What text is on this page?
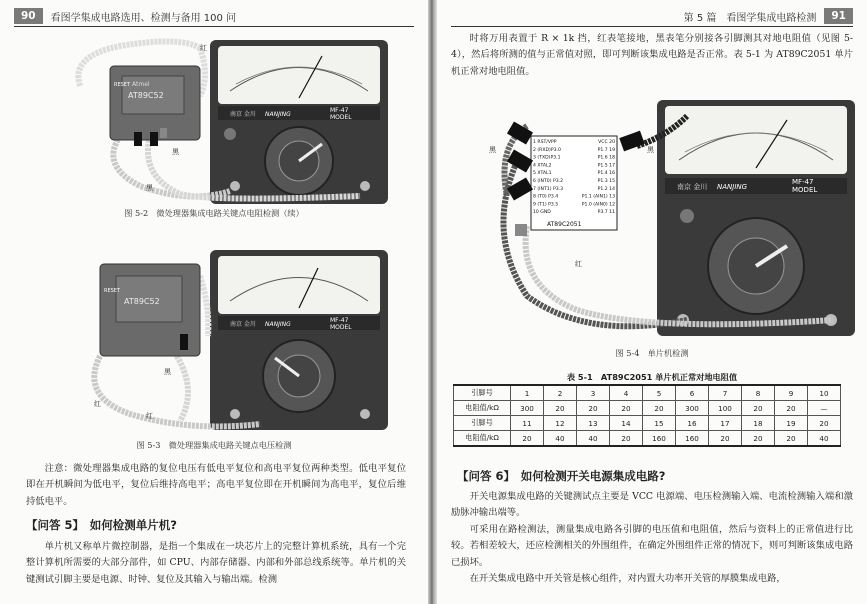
90	看图学集成电路选用、检测与备用 100 问
南京 金川 NANJING
MF-47
MODEL
AT89C52
Atmel
RESET
红
黑
黑
图 5-2　微处理器集成电路关键点电阻检测（续）
南京 金川 NANJING
MF-47
MODEL
AT89C52
RESET
黑
红
红
图 5-3　微处理器集成电路关键点电压检测

注意：微处理器集成电路的复位电压有低电平复位和高电平复位两种类型。低电平复位即在开机瞬间为低电平，复位后维持高电平；高电平复位即在开机瞬间为高电平，复位后维持低电平。

【问答 5】　如何检测单片机?

单片机又称单片微控制器，是指一个集成在一块芯片上的完整计算机系统，具有一个完整计算机所需要的大部分部件，如 CPU、内部存储器、内部和外部总线系统等。单片机的关键测试引脚主要是电源、时钟、复位及其输入与输出端。检测

第 5 篇　看图学集成电路检测	91

时将万用表置于 R × 1k 挡，红表笔接地，黑表笔分别接各引脚测其对地电阻值（见图 5-4），然后将所测的值与正常值对照，即可判断该集成电路是否正常。表 5-1 为 AT89C2051 单片机正常对地电阻值。

南京 金川 NANJING
MF-47
MODEL
1 RST/VPP
2 (RXD)P3.0
3 (TXD)P3.1
4 XTAL2
5 XTAL1
6 (INT0) P3.2
7 (INT1) P3.3
8 (T0) P3.4
9 (T1) P3.5
10 GND
VCC 20
P1.7 19
P1.6 18
P1.5 17
P1.4 16
P1.3 15
P1.2 14
P1.1 (AIN1) 13
P1.0 (AIN0) 12
P3.7 11
AT89C2051
黑	黑
红
图 5-4　单片机检测
表 5-1　AT89C2051 单片机正常对地电阻值
引脚号	1	2	3	4	5	6	7	8	9	10
电阻值/kΩ	300	20	20	20	20	300	100	20	20	—
引脚号	11	12	13	14	15	16	17	18	19	20
电阻值/kΩ	20	40	40	20	160	160	20	20	20	40
【问答 6】　如何检测开关电源集成电路?

开关电源集成电路的关键测试点主要是 VCC 电源端、电压检测输入端、电流检测输入端和激励脉冲输出端等。

可采用在路检测法，测量集成电路各引脚的电压值和电阻值，然后与资料上的正常值进行比较。若相差较大，还应检测相关的外围组件，在确定外围组件正常的情况下，则可判断该集成电路已损坏。

在开关集成电路中开关管是核心组件，对内置大功率开关管的厚膜集成电路，
